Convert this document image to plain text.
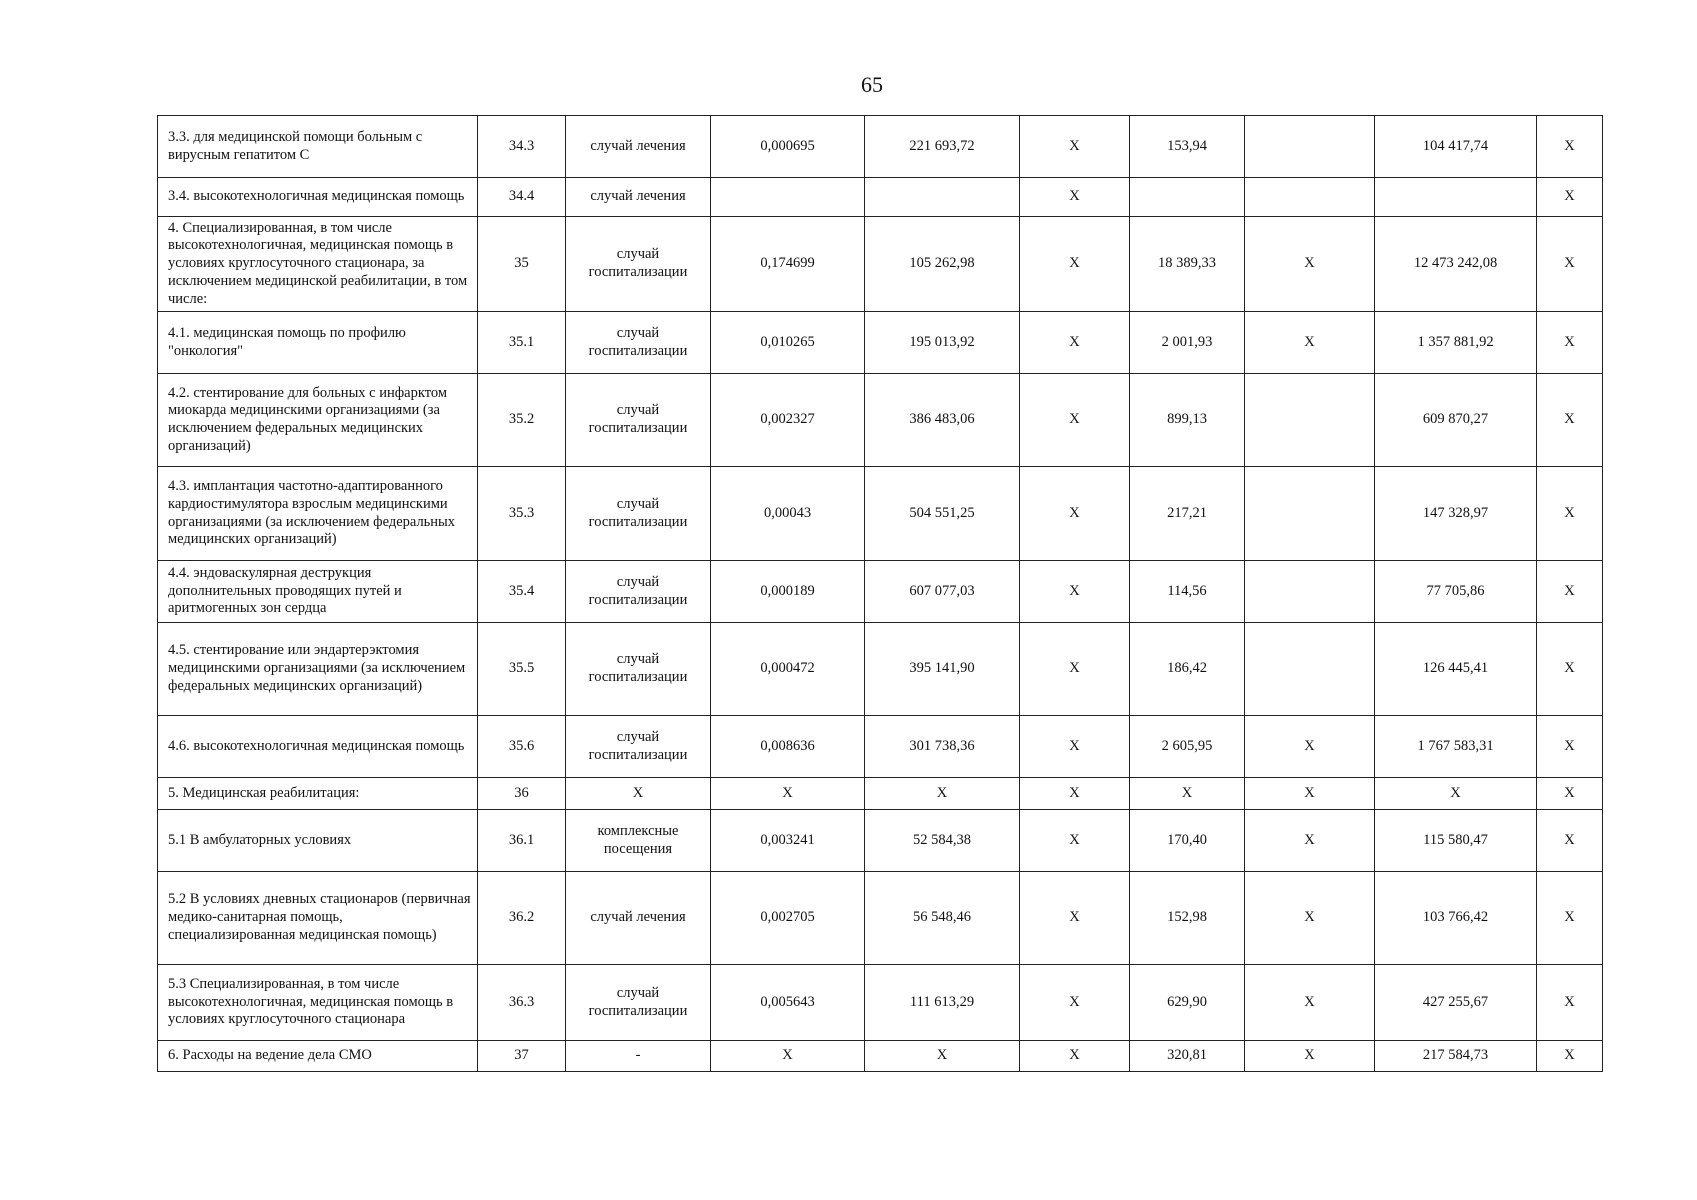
65
3.3. для медицинской помощи больным с вирусным гепатитом С	34.3	случай лечения	0,000695	221 693,72	Х	153,94		104 417,74	Х
3.4. высокотехнологичная медицинская помощь	34.4	случай лечения			Х				Х
4. Специализированная, в том числе высокотехнологичная, медицинская помощь в условиях круглосуточного стационара, за исключением медицинской реабилитации, в том числе:	35	случай госпитализации	0,174699	105 262,98	Х	18 389,33	Х	12 473 242,08	Х
4.1. медицинская помощь по профилю "онкология"	35.1	случай госпитализации	0,010265	195 013,92	Х	2 001,93	Х	1 357 881,92	Х
4.2. стентирование для больных с инфарктом миокарда медицинскими организациями (за исключением федеральных медицинских организаций)	35.2	случай госпитализации	0,002327	386 483,06	Х	899,13		609 870,27	Х
4.3. имплантация частотно-адаптированного кардиостимулятора взрослым медицинскими организациями (за исключением федеральных медицинских организаций)	35.3	случай госпитализации	0,00043	504 551,25	Х	217,21		147 328,97	Х
4.4. эндоваскулярная деструкция дополнительных проводящих путей и аритмогенных зон сердца	35.4	случай госпитализации	0,000189	607 077,03	Х	114,56		77 705,86	Х
4.5. стентирование или эндартерэктомия медицинскими организациями (за исключением федеральных медицинских организаций)	35.5	случай госпитализации	0,000472	395 141,90	Х	186,42		126 445,41	Х
4.6. высокотехнологичная медицинская помощь	35.6	случай госпитализации	0,008636	301 738,36	Х	2 605,95	Х	1 767 583,31	Х
5. Медицинская реабилитация:	36	Х	Х	Х	Х	Х	Х	Х	Х
5.1 В амбулаторных условиях	36.1	комплексные посещения	0,003241	52 584,38	Х	170,40	Х	115 580,47	Х
5.2 В условиях дневных стационаров (первичная медико-санитарная помощь, специализированная медицинская помощь)	36.2	случай лечения	0,002705	56 548,46	Х	152,98	Х	103 766,42	Х
5.3 Специализированная, в том числе высокотехнологичная, медицинская помощь в условиях круглосуточного стационара	36.3	случай госпитализации	0,005643	111 613,29	Х	629,90	Х	427 255,67	Х
6. Расходы на ведение дела СМО	37	-	Х	Х	Х	320,81	Х	217 584,73	Х
